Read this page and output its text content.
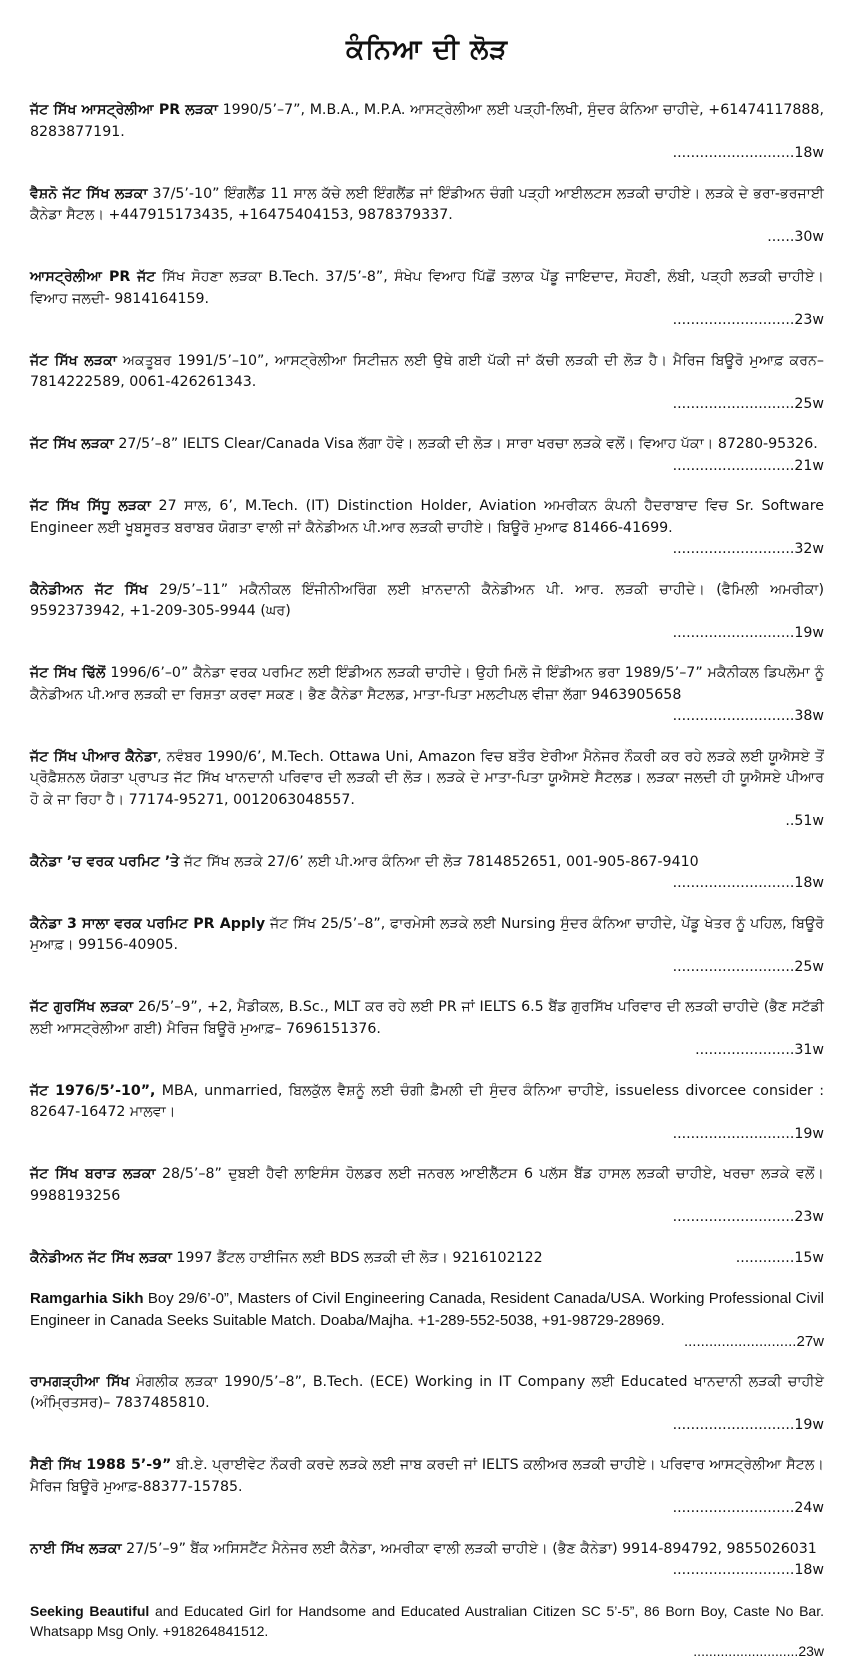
ਕੰਨਿਆ ਦੀ ਲੋੜ
ਜੱਟ ਸਿੱਖ ਆਸਟ੍ਰੇਲੀਆ PR ਲੜਕਾ 1990/5’–7”, M.B.A., M.P.A. ਆਸਟ੍ਰੇਲੀਆ ਲਈ ਪੜ੍ਹੀ-ਲਿਖੀ, ਸੁੰਦਰ ਕੰਨਿਆ ਚਾਹੀਦੇ, +61474117888, 8283877191.
...........................18w
ਵੈਸ਼ਨੋ ਜੱਟ ਸਿੱਖ ਲੜਕਾ 37/5’-10” ਇੰਗਲੈਂਡ 11 ਸਾਲ ਕੱਚੇ ਲਈ ਇੰਗਲੈਂਡ ਜਾਂ ਇੰਡੀਅਨ ਚੰਗੀ ਪੜ੍ਹੀ ਆਈਲਟਸ ਲੜਕੀ ਚਾਹੀਏ। ਲੜਕੇ ਦੇ ਭਰਾ-ਭਰਜਾਈ ਕੈਨੇਡਾ ਸੈਟਲ। +447915173435, +16475404153, 9878379337.
......30w
ਆਸਟ੍ਰੇਲੀਆ PR ਜੱਟ ਸਿੱਖ ਸੋਹਣਾ ਲੜਕਾ B.Tech. 37/5’-8”, ਸੰਖੇਪ ਵਿਆਹ ਪਿੱਛੋਂ ਤਲਾਕ ਪੇਂਡੂ ਜਾਇਦਾਦ, ਸੋਹਣੀ, ਲੰਬੀ, ਪੜ੍ਹੀ ਲੜਕੀ ਚਾਹੀਏ। ਵਿਆਹ ਜਲਦੀ- 9814164159.
...........................23w
ਜੱਟ ਸਿੱਖ ਲੜਕਾ ਅਕਤੂਬਰ 1991/5’–10”, ਆਸਟ੍ਰੇਲੀਆ ਸਿਟੀਜ਼ਨ ਲਈ ਉਥੇ ਗਈ ਪੱਕੀ ਜਾਂ ਕੱਚੀ ਲੜਕੀ ਦੀ ਲੋੜ ਹੈ। ਮੈਰਿਜ ਬਿਊਰੋ ਮੁਆਫ਼ ਕਰਨ– 7814222589, 0061-426261343.
...........................25w
ਜੱਟ ਸਿੱਖ ਲੜਕਾ 27/5’–8” IELTS Clear/Canada Visa ਲੱਗਾ ਹੋਵੇ। ਲੜਕੀ ਦੀ ਲੋੜ। ਸਾਰਾ ਖਰਚਾ ਲੜਕੇ ਵਲੋਂ। ਵਿਆਹ ਪੱਕਾ। 87280-95326.
...........................21w
ਜੱਟ ਸਿੱਖ ਸਿੱਧੂ ਲੜਕਾ 27 ਸਾਲ, 6’, M.Tech. (IT) Distinction Holder, Aviation ਅਮਰੀਕਨ ਕੰਪਨੀ ਹੈਦਰਾਬਾਦ ਵਿਚ Sr. Software Engineer ਲਈ ਖੂਬਸੂਰਤ ਬਰਾਬਰ ਯੋਗਤਾ ਵਾਲੀ ਜਾਂ ਕੈਨੇਡੀਅਨ ਪੀ.ਆਰ ਲੜਕੀ ਚਾਹੀਏ। ਬਿਊਰੋ ਮੁਆਫ 81466-41699.
...........................32w
ਕੈਨੇਡੀਅਨ ਜੱਟ ਸਿੱਖ 29/5’–11” ਮਕੈਨੀਕਲ ਇੰਜੀਨੀਅਰਿੰਗ ਲਈ ਖ਼ਾਨਦਾਨੀ ਕੈਨੇਡੀਅਨ ਪੀ. ਆਰ. ਲੜਕੀ ਚਾਹੀਦੇ। (ਫੈਮਿਲੀ ਅਮਰੀਕਾ) 9592373942, +1-209-305-9944 (ਘਰ)
...........................19w
ਜੱਟ ਸਿੱਖ ਢਿੱਲੋਂ 1996/6’–0” ਕੈਨੇਡਾ ਵਰਕ ਪਰਮਿਟ ਲਈ ਇੰਡੀਅਨ ਲੜਕੀ ਚਾਹੀਦੇ। ਉਹੀ ਮਿਲੋ ਜੋ ਇੰਡੀਅਨ ਭਰਾ 1989/5’–7” ਮਕੈਨੀਕਲ ਡਿਪਲੋਮਾ ਨੂੰ ਕੈਨੇਡੀਅਨ ਪੀ.ਆਰ ਲੜਕੀ ਦਾ ਰਿਸ਼ਤਾ ਕਰਵਾ ਸਕਣ। ਭੈਣ ਕੈਨੇਡਾ ਸੈਟਲਡ, ਮਾਤਾ-ਪਿਤਾ ਮਲਟੀਪਲ ਵੀਜ਼ਾ ਲੱਗਾ 9463905658
...........................38w
ਜੱਟ ਸਿੱਖ ਪੀਆਰ ਕੈਨੇਡਾ, ਨਵੰਬਰ 1990/6’, M.Tech. Ottawa Uni, Amazon ਵਿਚ ਬਤੌਰ ਏਰੀਆ ਮੈਨੇਜਰ ਨੌਕਰੀ ਕਰ ਰਹੇ ਲੜਕੇ ਲਈ ਯੂਐਸਏ ਤੋਂ ਪ੍ਰੋਫ਼ੈਸ਼ਨਲ ਯੋਗਤਾ ਪ੍ਰਾਪਤ ਜੱਟ ਸਿੱਖ ਖਾਨਦਾਨੀ ਪਰਿਵਾਰ ਦੀ ਲੜਕੀ ਦੀ ਲੋੜ। ਲੜਕੇ ਦੇ ਮਾਤਾ-ਪਿਤਾ ਯੂਐਸਏ ਸੈਟਲਡ। ਲੜਕਾ ਜਲਦੀ ਹੀ ਯੂਐਸਏ ਪੀਆਰ ਹੋ ਕੇ ਜਾ ਰਿਹਾ ਹੈ। 77174-95271, 0012063048557.
..51w
ਕੈਨੇਡਾ ’ਚ ਵਰਕ ਪਰਮਿਟ ’ਤੇ ਜੱਟ ਸਿੱਖ ਲੜਕੇ 27/6’ ਲਈ ਪੀ.ਆਰ ਕੰਨਿਆ ਦੀ ਲੋੜ 7814852651, 001-905-867-9410
...........................18w
ਕੈਨੇਡਾ 3 ਸਾਲਾ ਵਰਕ ਪਰਮਿਟ PR Apply ਜੱਟ ਸਿੱਖ 25/5’–8”, ਫਾਰਮੇਸੀ ਲੜਕੇ ਲਈ Nursing ਸੁੰਦਰ ਕੰਨਿਆ ਚਾਹੀਦੇ, ਪੇਂਡੂ ਖੇਤਰ ਨੂੰ ਪਹਿਲ, ਬਿਊਰੋ ਮੁਆਫ਼। 99156-40905.
...........................25w
ਜੱਟ ਗੁਰਸਿੱਖ ਲੜਕਾ 26/5’–9”, +2, ਮੈਡੀਕਲ, B.Sc., MLT ਕਰ ਰਹੇ ਲਈ PR ਜਾਂ IELTS 6.5 ਬੈਂਡ ਗੁਰਸਿੱਖ ਪਰਿਵਾਰ ਦੀ ਲੜਕੀ ਚਾਹੀਦੇ (ਭੈਣ ਸਟੱਡੀ ਲਈ ਆਸਟ੍ਰੇਲੀਆ ਗਈ) ਮੈਰਿਜ ਬਿਊਰੋ ਮੁਆਫ਼– 7696151376.
......................31w
ਜੱਟ 1976/5’-10”, MBA, unmarried, ਬਿਲਕੁੱਲ ਵੈਸ਼ਨੂੰ ਲਈ ਚੰਗੀ ਫ਼ੈਮਲੀ ਦੀ ਸੁੰਦਰ ਕੰਨਿਆ ਚਾਹੀਏ, issueless divorcee consider : 82647-16472 ਮਾਲਵਾ।
...........................19w
ਜੱਟ ਸਿੱਖ ਬਰਾੜ ਲੜਕਾ 28/5’–8” ਦੁਬਈ ਹੈਵੀ ਲਾਇਸੰਸ ਹੋਲਡਰ ਲਈ ਜਨਰਲ ਆਈਲੈੱਟਸ 6 ਪਲੱਸ ਬੈਂਡ ਹਾਸਲ ਲੜਕੀ ਚਾਹੀਏ, ਖਰਚਾ ਲੜਕੇ ਵਲੋਂ। 9988193256
...........................23w
ਕੈਨੇਡੀਅਨ ਜੱਟ ਸਿੱਖ ਲੜਕਾ 1997 ਡੈਂਟਲ ਹਾਈਜਿਨ ਲਈ BDS ਲੜਕੀ ਦੀ ਲੋੜ। 9216102122	.............15w
Ramgarhia Sikh Boy 29/6’-0”, Masters of Civil Engineering Canada, Resident Canada/USA. Working Professional Civil Engineer in Canada Seeks Suitable Match. Doaba/Majha. +1-289-552-5038, +91-98729-28969.
...........................27w
ਰਾਮਗੜ੍ਹੀਆ ਸਿੱਖ ਮੰਗਲੀਕ ਲੜਕਾ 1990/5’–8”, B.Tech. (ECE) Working in IT Company ਲਈ Educated ਖਾਨਦਾਨੀ ਲੜਕੀ ਚਾਹੀਏ (ਅੰਮ੍ਰਿਤਸਰ)– 7837485810.
...........................19w
ਸੈਣੀ ਸਿੱਖ 1988 5’-9” ਬੀ.ਏ. ਪ੍ਰਾਈਵੇਟ ਨੌਕਰੀ ਕਰਦੇ ਲੜਕੇ ਲਈ ਜਾਬ ਕਰਦੀ ਜਾਂ IELTS ਕਲੀਅਰ ਲੜਕੀ ਚਾਹੀਏ। ਪਰਿਵਾਰ ਆਸਟ੍ਰੇਲੀਆ ਸੈਟਲ। ਮੈਰਿਜ ਬਿਊਰੋ ਮੁਆਫ਼-88377-15785.
...........................24w
ਨਾਈ ਸਿੱਖ ਲੜਕਾ 27/5’–9” ਬੈਂਕ ਅਸਿਸਟੈਂਟ ਮੈਨੇਜਰ ਲਈ ਕੈਨੇਡਾ, ਅਮਰੀਕਾ ਵਾਲੀ ਲੜਕੀ ਚਾਹੀਏ। (ਭੈਣ ਕੈਨੇਡਾ) 9914-894792, 9855026031
...........................18w
Seeking Beautiful and Educated Girl for Handsome and Educated Australian Citizen SC 5’-5”, 86 Born Boy, Caste No Bar. Whatsapp Msg Only. +918264841512.
...........................23w
